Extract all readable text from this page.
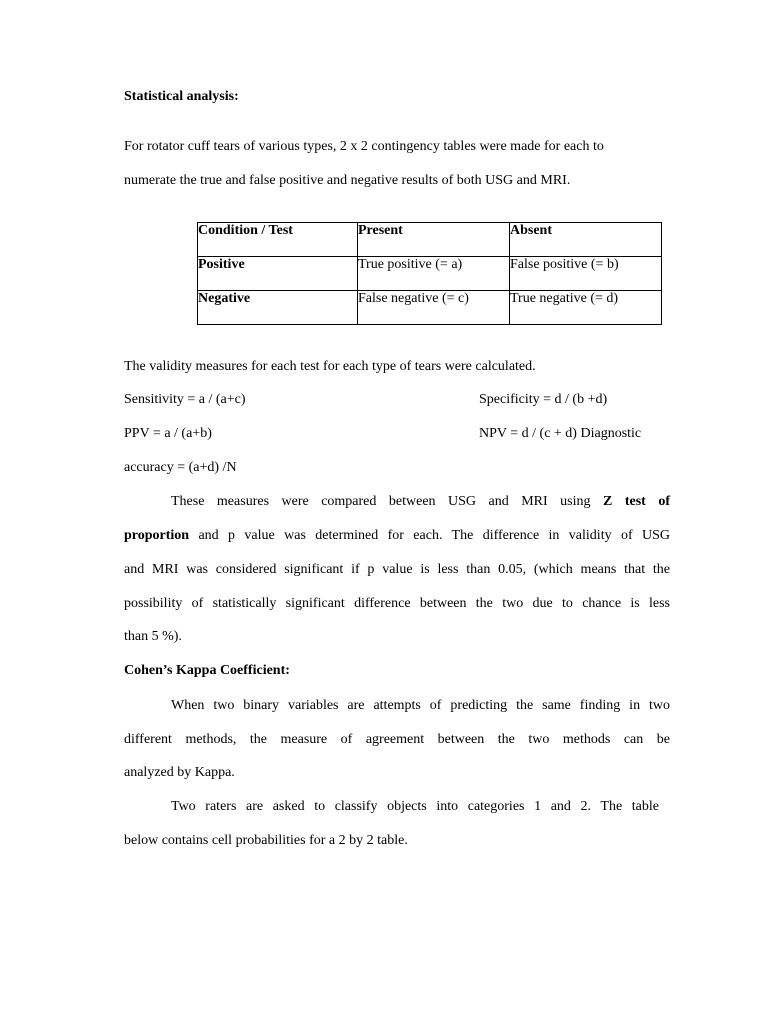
Statistical analysis:
For rotator cuff tears of various types, 2 x 2 contingency tables were made for each to
numerate the true and false positive and negative results of both USG and MRI.
Condition / Test	Present	Absent

Positive	True positive (= a)	False positive (= b)

Negative	False negative (= c)	True negative (= d)
The validity measures for each test for each type of tears were calculated.
Sensitivity = a / (a+c)	Specificity = d / (b +d)
PPV = a / (a+b)	NPV = d / (c + d) Diagnostic
accuracy = (a+d) /N
These measures were compared between USG and MRI using Z test of
proportion and p value was determined for each. The difference in validity of USG
and MRI was considered significant if p value is less than 0.05, (which means that the
possibility of statistically significant difference between the two due to chance is less
than 5 %).
Cohen’s Kappa Coefficient:
When two binary variables are attempts of predicting the same finding in two
different methods, the measure of agreement between the two methods can be
analyzed by Kappa.
Two raters are asked to classify objects into categories 1 and 2. The table
below contains cell probabilities for a 2 by 2 table.
